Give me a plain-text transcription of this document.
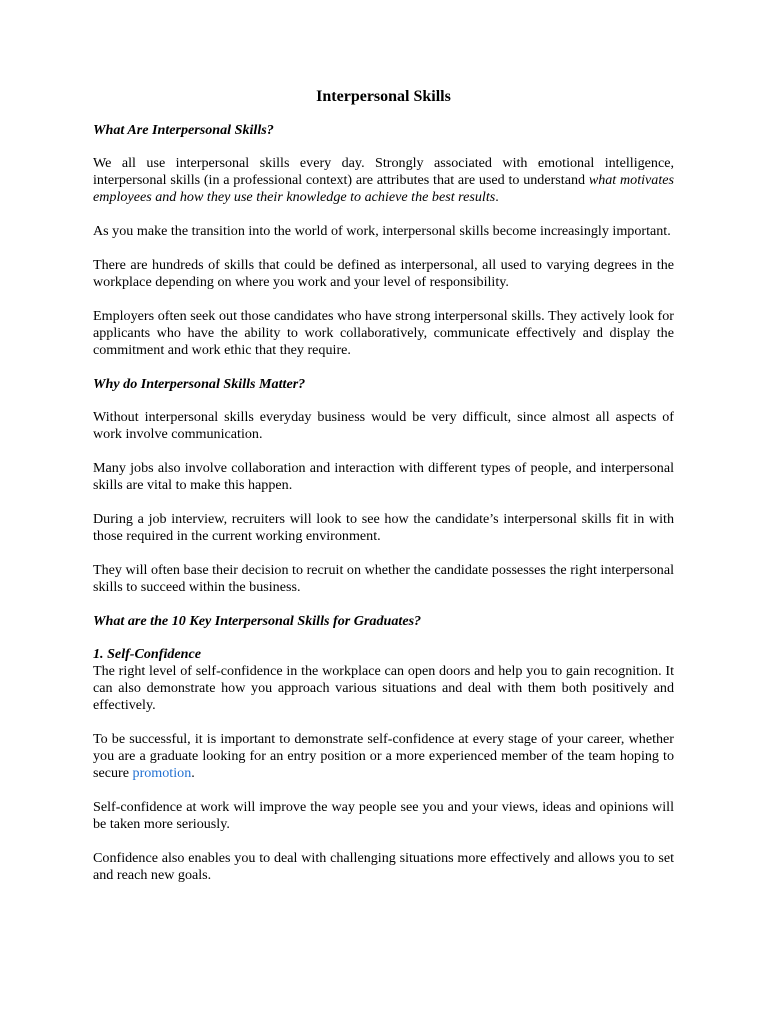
Interpersonal Skills
What Are Interpersonal Skills?

We all use interpersonal skills every day. Strongly associated with emotional intelligence, interpersonal skills (in a professional context) are attributes that are used to understand what motivates employees and how they use their knowledge to achieve the best results.

As you make the transition into the world of work, interpersonal skills become increasingly important.

There are hundreds of skills that could be defined as interpersonal, all used to varying degrees in the workplace depending on where you work and your level of responsibility.

Employers often seek out those candidates who have strong interpersonal skills. They actively look for applicants who have the ability to work collaboratively, communicate effectively and display the commitment and work ethic that they require.

Why do Interpersonal Skills Matter?

Without interpersonal skills everyday business would be very difficult, since almost all aspects of work involve communication.

Many jobs also involve collaboration and interaction with different types of people, and interpersonal skills are vital to make this happen.

During a job interview, recruiters will look to see how the candidate’s interpersonal skills fit in with those required in the current working environment.

They will often base their decision to recruit on whether the candidate possesses the right interpersonal skills to succeed within the business.

What are the 10 Key Interpersonal Skills for Graduates?
1. Self-Confidence

The right level of self-confidence in the workplace can open doors and help you to gain recognition. It can also demonstrate how you approach various situations and deal with them both positively and effectively.

To be successful, it is important to demonstrate self-confidence at every stage of your career, whether you are a graduate looking for an entry position or a more experienced member of the team hoping to secure promotion.

Self-confidence at work will improve the way people see you and your views, ideas and opinions will be taken more seriously.

Confidence also enables you to deal with challenging situations more effectively and allows you to set and reach new goals.
